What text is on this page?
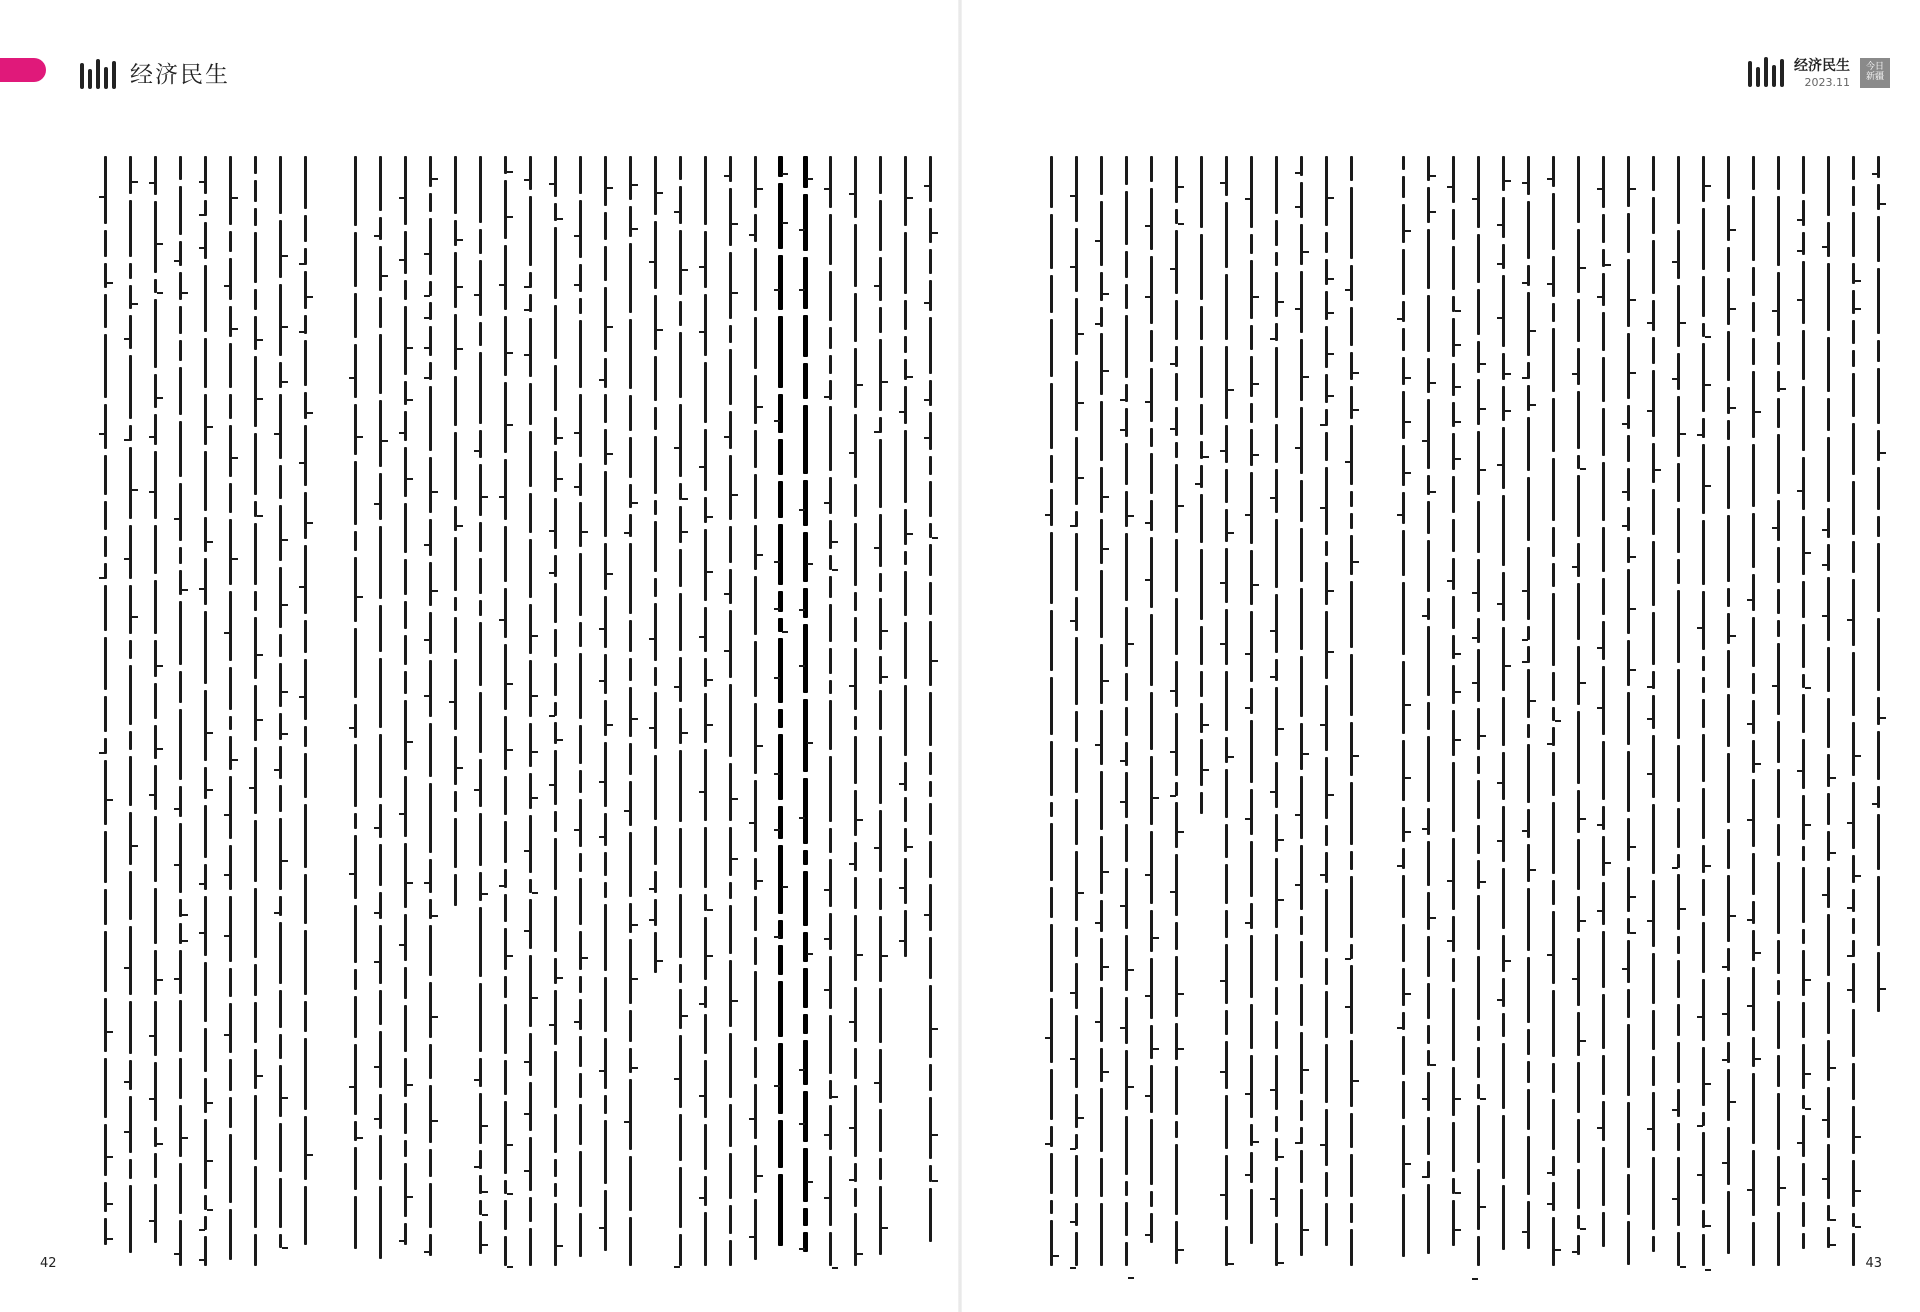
经济民生	经济民生
2023.11
今日
新疆
42	43
